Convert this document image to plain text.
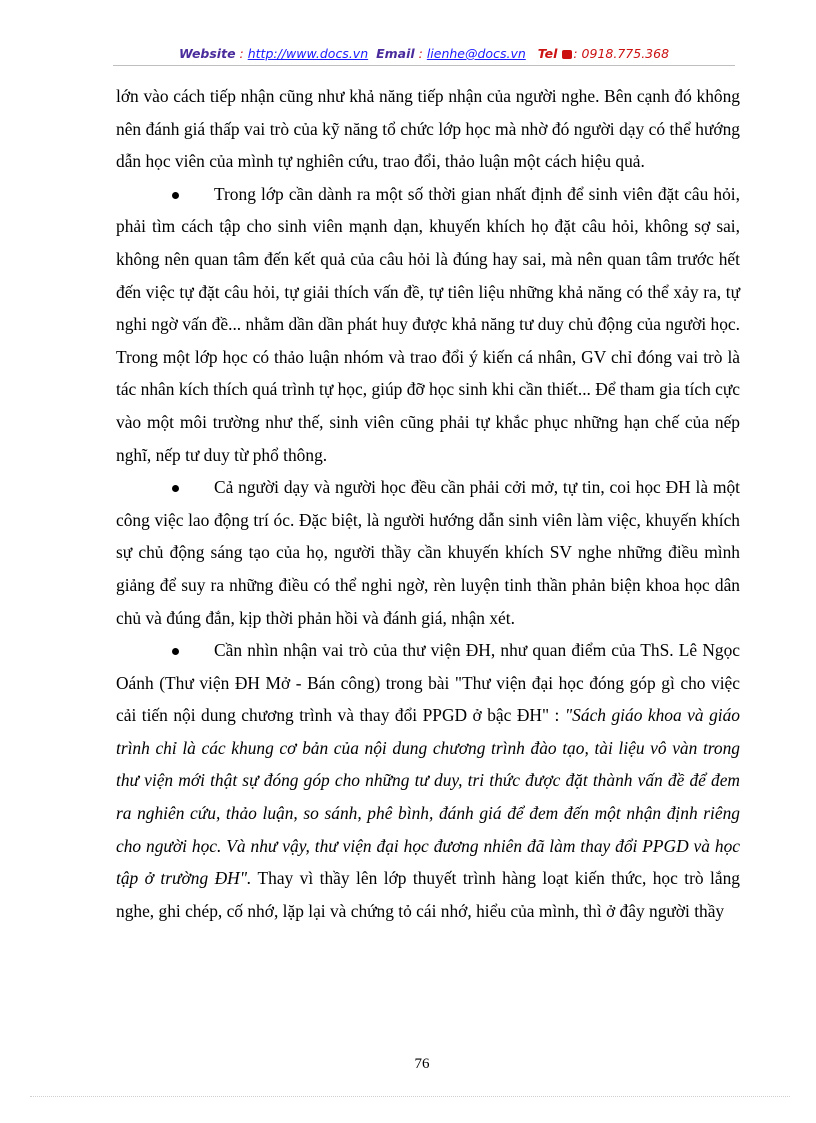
Website : http://www.docs.vn Email : lienhe@docs.vn Tel : 0918.775.368

lớn vào cách tiếp nhận cũng như khả năng tiếp nhận của người nghe. Bên cạnh đó không nên đánh giá thấp vai trò của kỹ năng tổ chức lớp học mà nhờ đó người dạy có thể hướng dẫn học viên của mình tự nghiên cứu, trao đổi, thảo luận một cách hiệu quả.

Trong lớp cần dành ra một số thời gian nhất định để sinh viên đặt câu hỏi, phải tìm cách tập cho sinh viên mạnh dạn, khuyến khích họ đặt câu hỏi, không sợ sai, không nên quan tâm đến kết quả của câu hỏi là đúng hay sai, mà nên quan tâm trước hết đến việc tự đặt câu hỏi, tự giải thích vấn đề, tự tiên liệu những khả năng có thể xảy ra, tự nghi ngờ vấn đề... nhằm dần dần phát huy được khả năng tư duy chủ động của người học. Trong một lớp học có thảo luận nhóm và trao đổi ý kiến cá nhân, GV chỉ đóng vai trò là tác nhân kích thích quá trình tự học, giúp đỡ học sinh khi cần thiết... Để tham gia tích cực vào một môi trường như thế, sinh viên cũng phải tự khắc phục những hạn chế của nếp nghĩ, nếp tư duy từ phổ thông.

Cả người dạy và người học đều cần phải cởi mở, tự tin, coi học ĐH là một công việc lao động trí óc. Đặc biệt, là người hướng dẫn sinh viên làm việc, khuyến khích sự chủ động sáng tạo của họ, người thầy cần khuyến khích SV nghe những điều mình giảng để suy ra những điều có thể nghi ngờ, rèn luyện tinh thần phản biện khoa học dân chủ và đúng đắn, kịp thời phản hồi và đánh giá, nhận xét.

Cần nhìn nhận vai trò của thư viện ĐH, như quan điểm của ThS. Lê Ngọc Oánh (Thư viện ĐH Mở - Bán công) trong bài "Thư viện đại học đóng góp gì cho việc cải tiến nội dung chương trình và thay đổi PPGD ở bậc ĐH" : "Sách giáo khoa và giáo trình chỉ là các khung cơ bản của nội dung chương trình đào tạo, tài liệu vô vàn trong thư viện mới thật sự đóng góp cho những tư duy, tri thức được đặt thành vấn đề để đem ra nghiên cứu, thảo luận, so sánh, phê bình, đánh giá để đem đến một nhận định riêng cho người học. Và như vậy, thư viện đại học đương nhiên đã làm thay đổi PPGD và học tập ở trường ĐH". Thay vì thầy lên lớp thuyết trình hàng loạt kiến thức, học trò lắng nghe, ghi chép, cố nhớ, lặp lại và chứng tỏ cái nhớ, hiểu của mình, thì ở đây người thầy

76
